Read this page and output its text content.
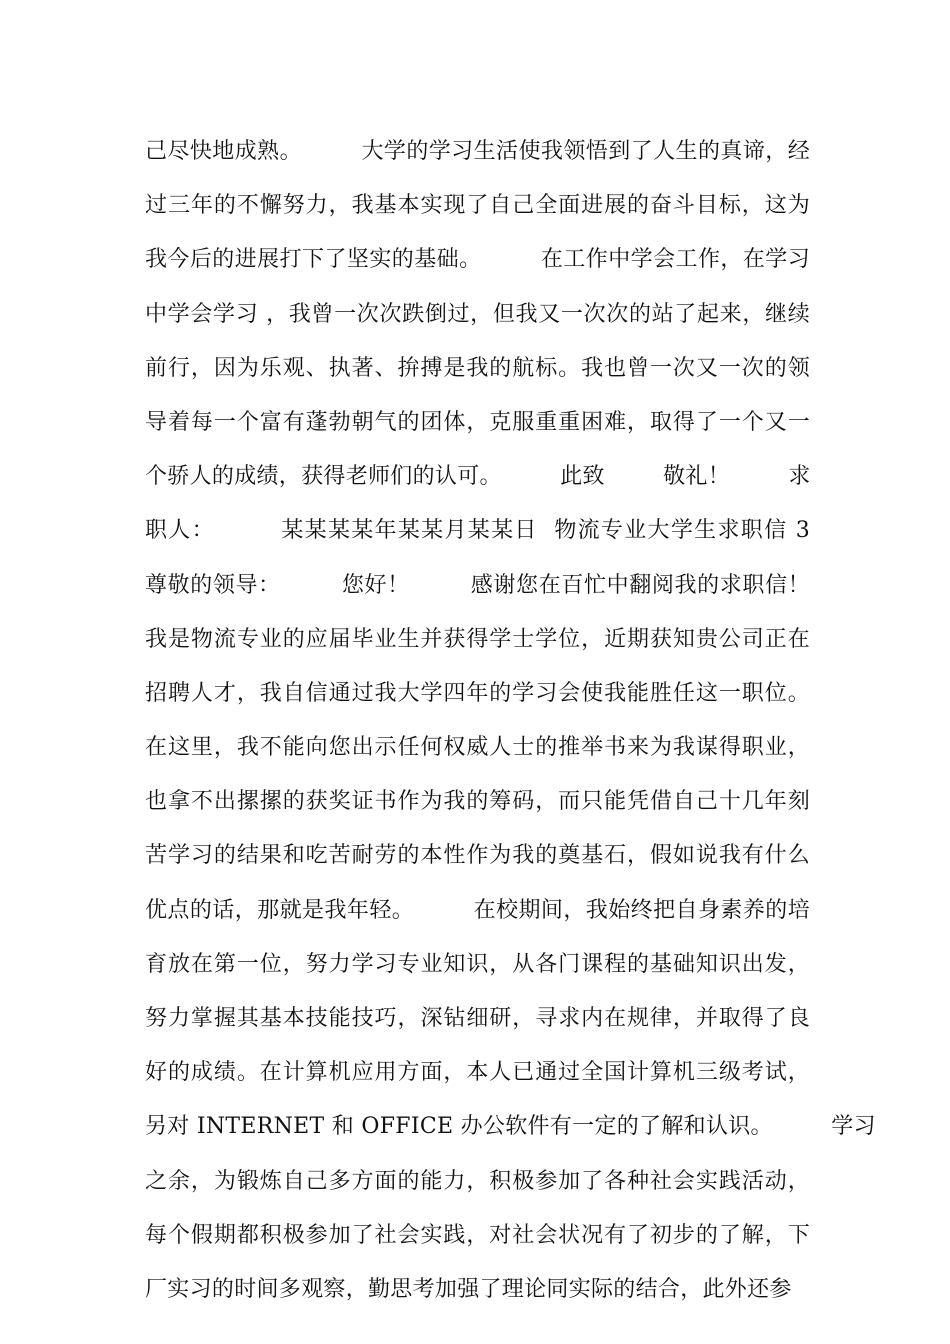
己尽快地成熟。        大学的学习生活使我领悟到了人生的真谛，经
过三年的不懈努力，我基本实现了自己全面进展的奋斗目标，这为
我今后的进展打下了坚实的基础。        在工作中学会工作，在学习
中学会学习 ，我曾一次次跌倒过，但我又一次次的站了起来，继续
前行，因为乐观、执著、拚搏是我的航标。我也曾一次又一次的领
导着每一个富有蓬勃朝气的团体，克服重重困难，取得了一个又一
个骄人的成绩，获得老师们的认可。        此致        敬礼！        求
职人：        某某某某年某某月某某日  物流专业大学生求职信 3
尊敬的领导：        您好！        感谢您在百忙中翻阅我的求职信！
我是物流专业的应届毕业生并获得学士学位，近期获知贵公司正在
招聘人才，我自信通过我大学四年的学习会使我能胜任这一职位。
在这里，我不能向您出示任何权威人士的推举书来为我谋得职业，
也拿不出摞摞的获奖证书作为我的筹码，而只能凭借自己十几年刻
苦学习的结果和吃苦耐劳的本性作为我的奠基石，假如说我有什么
优点的话，那就是我年轻。        在校期间，我始终把自身素养的培
育放在第一位，努力学习专业知识，从各门课程的基础知识出发，
努力掌握其基本技能技巧，深钻细研，寻求内在规律，并取得了良
好的成绩。在计算机应用方面，本人已通过全国计算机三级考试，
另对 INTERNET 和 OFFICE 办公软件有一定的了解和认识。        学习
之余，为锻炼自己多方面的能力，积极参加了各种社会实践活动，
每个假期都积极参加了社会实践，对社会状况有了初步的了解，下
厂实习的时间多观察，勤思考加强了理论同实际的结合，此外还参
